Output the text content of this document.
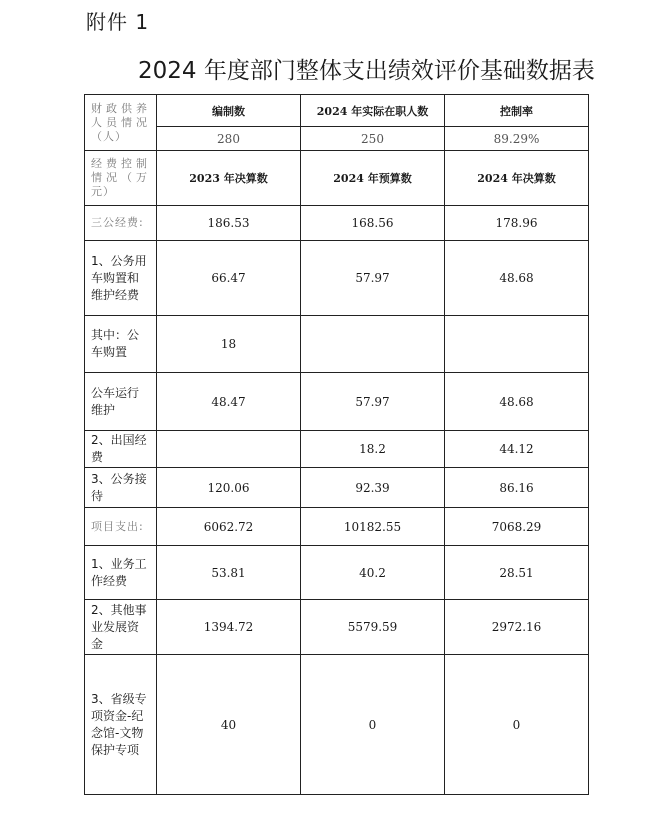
附件 1
2024 年度部门整体支出绩效评价基础数据表
财政供养人员情况（人）	编制数	2024 年实际在职人数	控制率
	280	250	89.29%
经费控制情况（万元）	2023 年决算数	2024 年预算数	2024 年决算数
三公经费:	186.53	168.56	178.96
1、公务用车购置和维护经费	66.47	57.97	48.68
其中：公车购置	18		
公车运行维护	48.47	57.97	48.68
2、出国经费		18.2	44.12
3、公务接待	120.06	92.39	86.16
项目支出:	6062.72	10182.55	7068.29
1、业务工作经费	53.81	40.2	28.51
2、其他事业发展资金	1394.72	5579.59	2972.16
3、省级专项资金-纪念馆-文物保护专项	40	0	0
